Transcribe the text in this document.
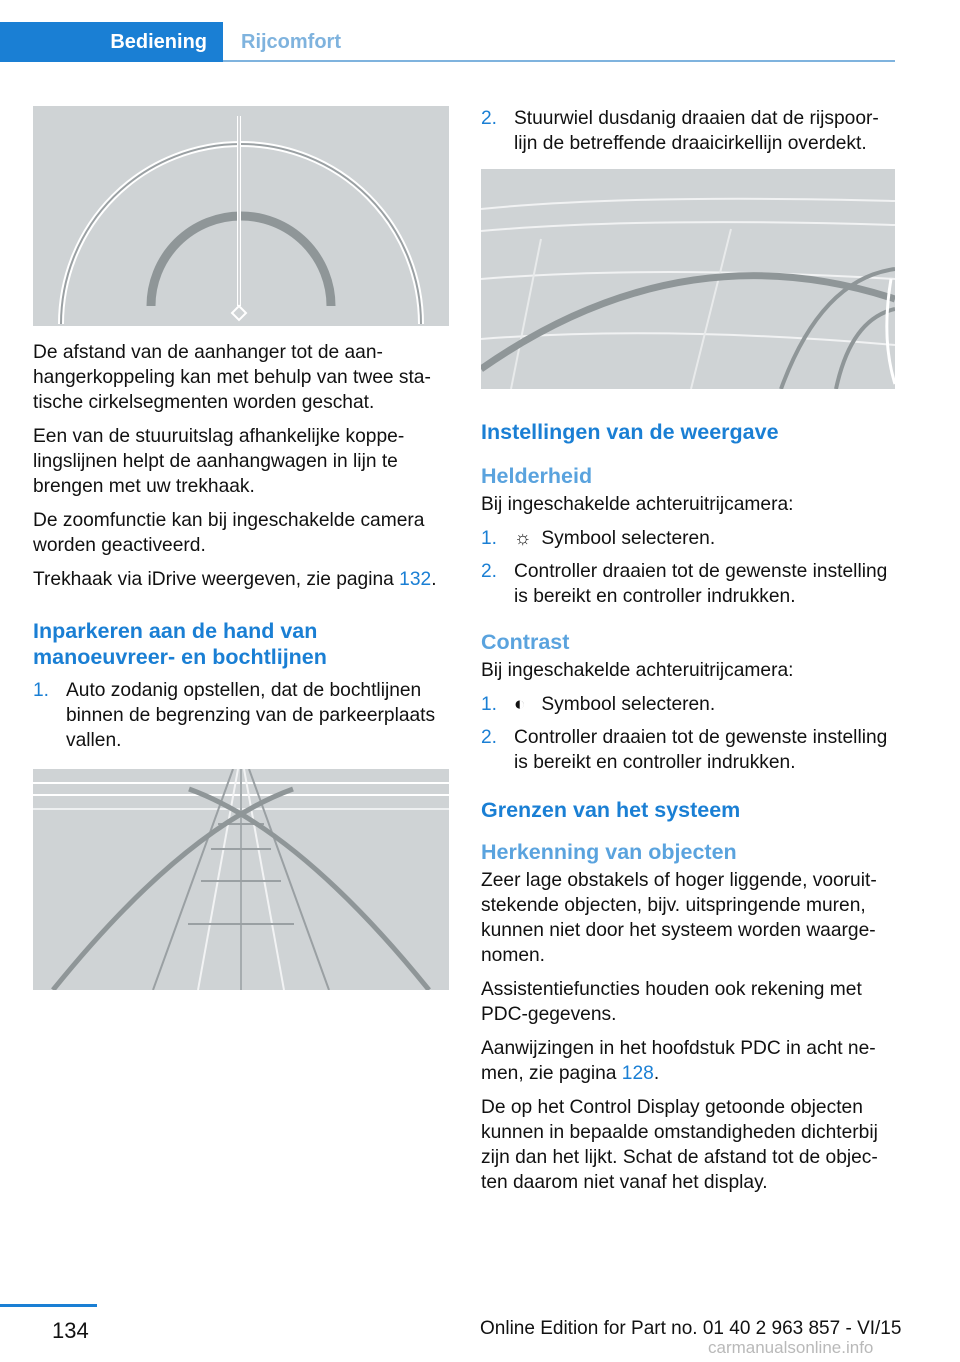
Bediening	Rijcomfort

De afstand van de aanhanger tot de aanhangerkoppeling kan met behulp van twee statische cirkelsegmenten worden geschat.

Een van de stuuruitslag afhankelijke koppelingslijnen helpt de aanhangwagen in lijn te brengen met uw trekhaak.

De zoomfunctie kan bij ingeschakelde camera worden geactiveerd.

Trekhaak via iDrive weergeven, zie pagina 132.

Inparkeren aan de hand van manoeuvreer- en bochtlijnen
1. Auto zodanig opstellen, dat de bochtlijnen binnen de begrenzing van de parkeerplaats vallen.
2. Stuurwiel dusdanig draaien dat de rijspoorlijn de betreffende draaicirkellijn overdekt.
Instellingen van de weergave
Helderheid

Bij ingeschakelde achteruitrijcamera:

1. ☼ Symbool selecteren.
2. Controller draaien tot de gewenste instelling is bereikt en controller indrukken.
Contrast

Bij ingeschakelde achteruitrijcamera:

1. ◐ Symbool selecteren.
2. Controller draaien tot de gewenste instelling is bereikt en controller indrukken.
Grenzen van het systeem
Herkenning van objecten

Zeer lage obstakels of hoger liggende, vooruitstekende objecten, bijv. uitspringende muren, kunnen niet door het systeem worden waargenomen.

Assistentiefuncties houden ook rekening met PDC-gegevens.

Aanwijzingen in het hoofdstuk PDC in acht nemen, zie pagina 128.

De op het Control Display getoonde objecten kunnen in bepaalde omstandigheden dichterbij zijn dan het lijkt. Schat de afstand tot de objecten daarom niet vanaf het display.

134	Online Edition for Part no. 01 40 2 963 857 - VI/15
carmanualsonline.info
